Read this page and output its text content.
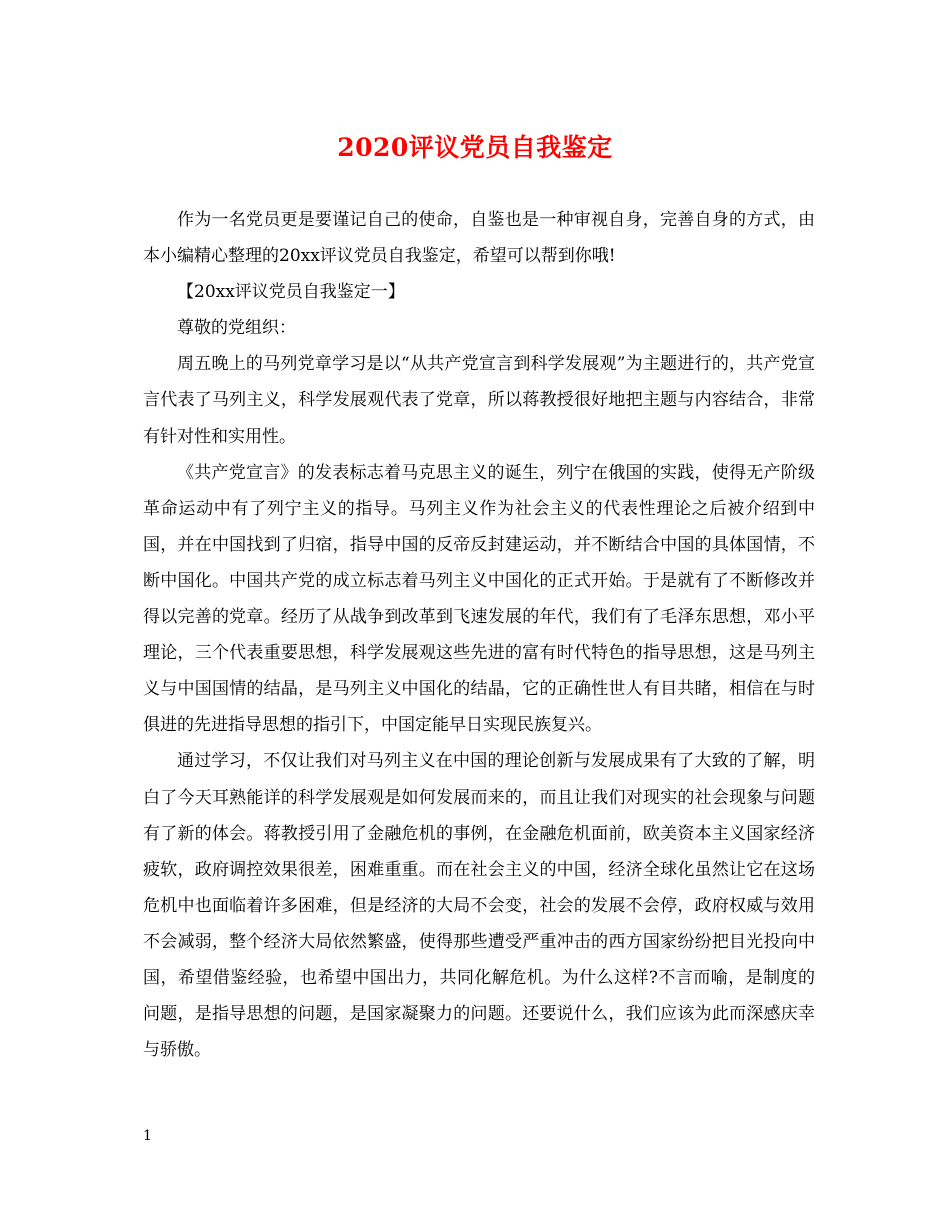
2020评议党员自我鉴定

作为一名党员更是要谨记自己的使命，自鉴也是一种审视自身，完善自身的方式，由本小编精心整理的20xx评议党员自我鉴定，希望可以帮到你哦!

【20xx评议党员自我鉴定一】

尊敬的党组织：

周五晚上的马列党章学习是以“从共产党宣言到科学发展观”为主题进行的，共产党宣言代表了马列主义，科学发展观代表了党章，所以蒋教授很好地把主题与内容结合，非常有针对性和实用性。

《共产党宣言》的发表标志着马克思主义的诞生，列宁在俄国的实践，使得无产阶级革命运动中有了列宁主义的指导。马列主义作为社会主义的代表性理论之后被介绍到中国，并在中国找到了归宿，指导中国的反帝反封建运动，并不断结合中国的具体国情，不断中国化。中国共产党的成立标志着马列主义中国化的正式开始。于是就有了不断修改并得以完善的党章。经历了从战争到改革到飞速发展的年代，我们有了毛泽东思想，邓小平理论，三个代表重要思想，科学发展观这些先进的富有时代特色的指导思想，这是马列主义与中国国情的结晶，是马列主义中国化的结晶，它的正确性世人有目共睹，相信在与时俱进的先进指导思想的指引下，中国定能早日实现民族复兴。

通过学习，不仅让我们对马列主义在中国的理论创新与发展成果有了大致的了解，明白了今天耳熟能详的科学发展观是如何发展而来的，而且让我们对现实的社会现象与问题有了新的体会。蒋教授引用了金融危机的事例，在金融危机面前，欧美资本主义国家经济疲软，政府调控效果很差，困难重重。而在社会主义的中国，经济全球化虽然让它在这场危机中也面临着许多困难，但是经济的大局不会变，社会的发展不会停，政府权威与效用不会减弱，整个经济大局依然繁盛，使得那些遭受严重冲击的西方国家纷纷把目光投向中国，希望借鉴经验，也希望中国出力，共同化解危机。为什么这样?不言而喻，是制度的问题，是指导思想的问题，是国家凝聚力的问题。还要说什么，我们应该为此而深感庆幸与骄傲。

1
